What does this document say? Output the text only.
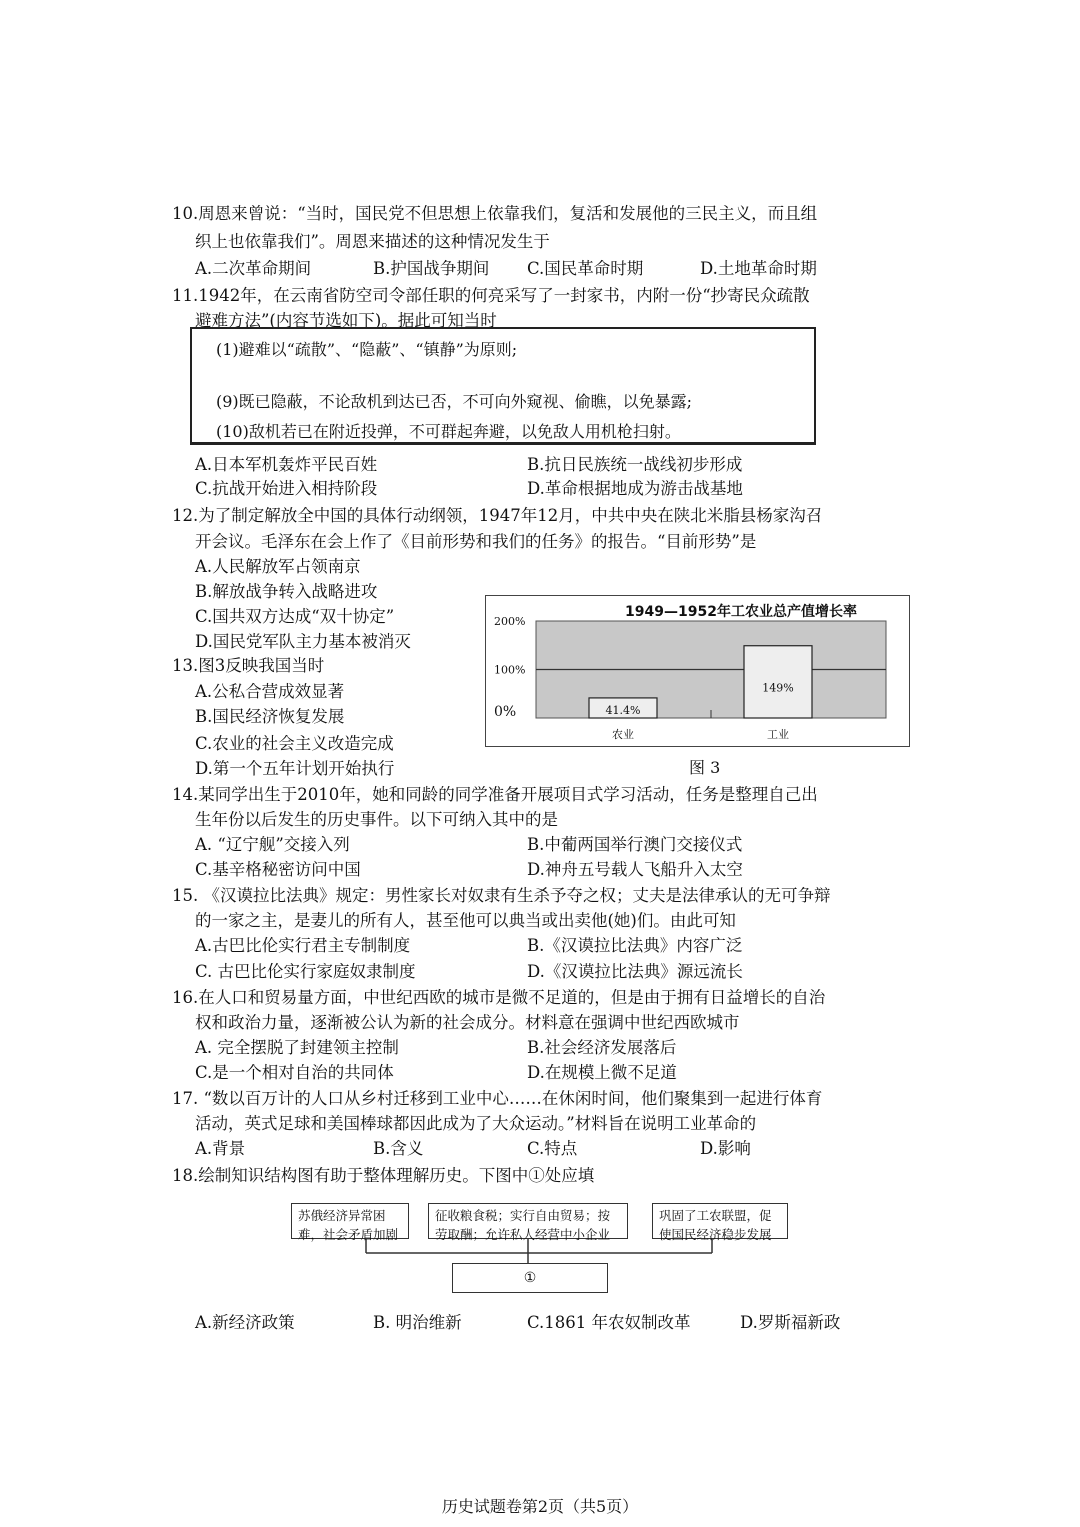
10.周恩来曾说：“当时，国民党不但思想上依靠我们，复活和发展他的三民主义，而且组
织上也依靠我们”。周恩来描述的这种情况发生于
A.二次革命期间	B.护国战争期间 C.国民革命时期	D.土地革命时期
11.1942年，在云南省防空司令部任职的何亮采写了一封家书，内附一份“抄寄民众疏散
避难方法”(内容节选如下)。据此可知当时
(1)避难以“疏散”、“隐蔽”、“镇静”为原则;
(9)既已隐蔽，不论敌机到达已否，不可向外窥视、偷瞧，以免暴露;
(10)敌机若已在附近投弹，不可群起奔避，以免敌人用机枪扫射。
A.日本军机轰炸平民百姓	B.抗日民族统一战线初步形成
C.抗战开始进入相持阶段	D.革命根据地成为游击战基地
12.为了制定解放全中国的具体行动纲领，1947年12月，中共中央在陕北米脂县杨家沟召
开会议。毛泽东在会上作了《目前形势和我们的任务》的报告。“目前形势”是
A.人民解放军占领南京
B.解放战争转入战略进攻
C.国共双方达成“双十协定”
D.国民党军队主力基本被消灭
13.图3反映我国当时
A.公私合营成效显著
B.国民经济恢复发展
C.农业的社会主义改造完成
D.第一个五年计划开始执行
1949—1952年工农业总产值增长率
200%
100%
0%	41.4%
农业
149%
工业
图 3
14.某同学出生于2010年，她和同龄的同学准备开展项目式学习活动，任务是整理自己出
生年份以后发生的历史事件。以下可纳入其中的是
A. “辽宁舰”交接入列	B.中葡两国举行澳门交接仪式
C.基辛格秘密访问中国	D.神舟五号载人飞船升入太空
15. 《汉谟拉比法典》规定：男性家长对奴隶有生杀予夺之权；丈夫是法律承认的无可争辩
的一家之主，是妻儿的所有人，甚至他可以典当或出卖他(她)们。由此可知
A.古巴比伦实行君主专制制度	B.《汉谟拉比法典》内容广泛
C. 古巴比伦实行家庭奴隶制度	D.《汉谟拉比法典》源远流长
16.在人口和贸易量方面，中世纪西欧的城市是微不足道的，但是由于拥有日益增长的自治
权和政治力量，逐渐被公认为新的社会成分。材料意在强调中世纪西欧城市
A. 完全摆脱了封建领主控制	B.社会经济发展落后
C.是一个相对自治的共同体	D.在规模上微不足道
17. “数以百万计的人口从乡村迁移到工业中心……在休闲时间，他们聚集到一起进行体育
活动，英式足球和美国棒球都因此成为了大众运动。”材料旨在说明工业革命的
A.背景	B.含义	C.特点	D.影响
18.绘制知识结构图有助于整体理解历史。下图中①处应填
苏俄经济异常困
难，社会矛盾加剧
征收粮食税；实行自由贸易；按
劳取酬；允许私人经营中小企业
巩固了工农联盟，促
使国民经济稳步发展
①
A.新经济政策	B. 明治维新	C.1861 年农奴制改革	D.罗斯福新政
历史试题卷第2页（共5页）
